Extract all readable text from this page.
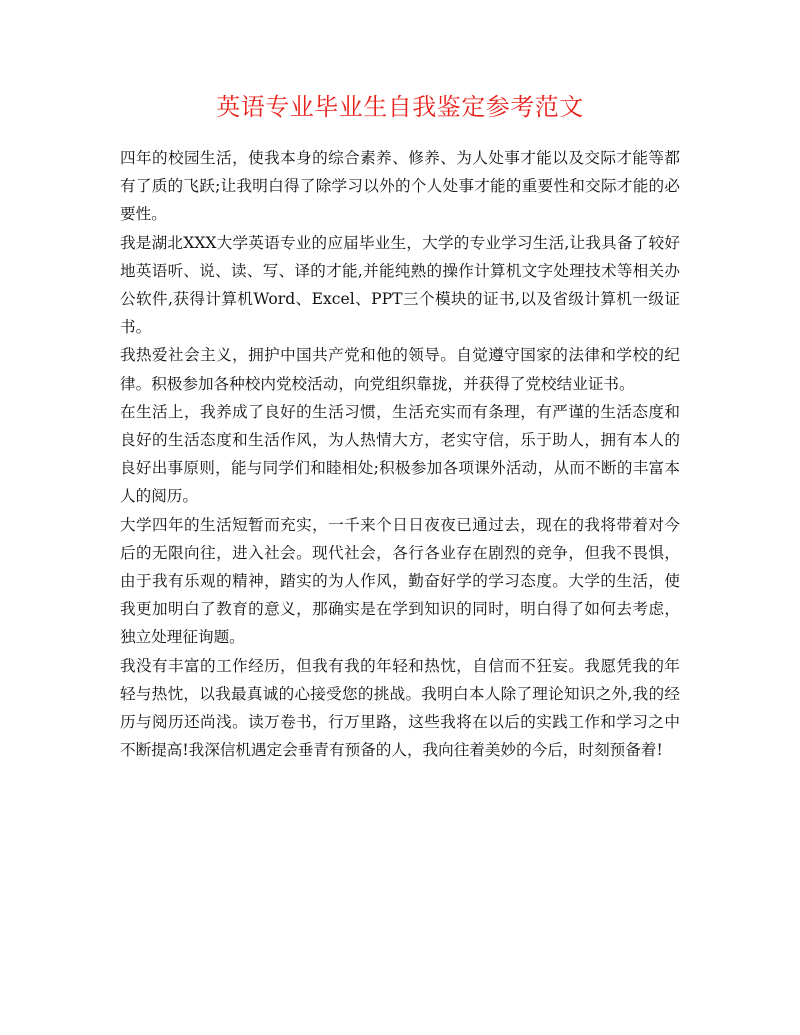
英语专业毕业生自我鉴定参考范文

四年的校园生活，使我本身的综合素养、修养、为人处事才能以及交际才能等都有了质的飞跃;让我明白得了除学习以外的个人处事才能的重要性和交际才能的必要性。

我是湖北XXX大学英语专业的应届毕业生，大学的专业学习生活,让我具备了较好地英语听、说、读、写、译的才能,并能纯熟的操作计算机文字处理技术等相关办公软件,获得计算机Word、Excel、PPT三个模块的证书,以及省级计算机一级证书。

我热爱社会主义，拥护中国共产党和他的领导。自觉遵守国家的法律和学校的纪律。积极参加各种校内党校活动，向党组织靠拢，并获得了党校结业证书。

在生活上，我养成了良好的生活习惯，生活充实而有条理，有严谨的生活态度和良好的生活态度和生活作风，为人热情大方，老实守信，乐于助人，拥有本人的良好出事原则，能与同学们和睦相处;积极参加各项课外活动，从而不断的丰富本人的阅历。

大学四年的生活短暂而充实，一千来个日日夜夜已通过去，现在的我将带着对今后的无限向往，进入社会。现代社会，各行各业存在剧烈的竞争，但我不畏惧，由于我有乐观的精神，踏实的为人作风，勤奋好学的学习态度。大学的生活，使我更加明白了教育的意义，那确实是在学到知识的同时，明白得了如何去考虑，独立处理征询题。

我没有丰富的工作经历，但我有我的年轻和热忱，自信而不狂妄。我愿凭我的年轻与热忱，以我最真诚的心接受您的挑战。我明白本人除了理论知识之外,我的经历与阅历还尚浅。读万卷书，行万里路，这些我将在以后的实践工作和学习之中不断提高!我深信机遇定会垂青有预备的人，我向往着美妙的今后，时刻预备着!
